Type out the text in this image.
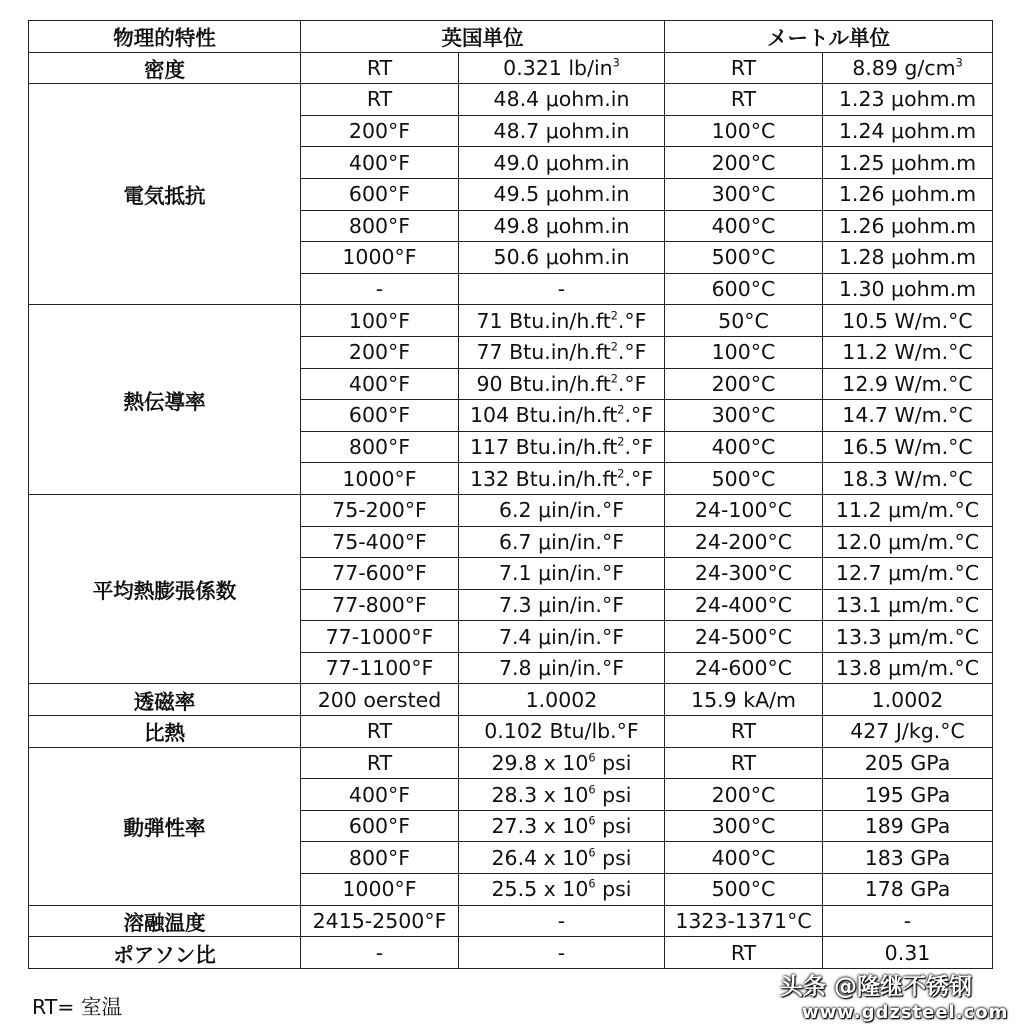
物理的特性	英国単位		メートル単位	
密度	RT	0.321 $lb/in^3$	RT	8.89 $g/cm^3$
電気抵抗	RT	48.4 μohm.in	RT	1.23 μohm.m
	200°F	48.7 μohm.in	100°C	1.24 μohm.m
	400°F	49.0 μohm.in	200°C	1.25 μohm.m
	600°F	49.5 μohm.in	300°C	1.26 μohm.m
	800°F	49.8 μohm.in	400°C	1.26 μohm.m
	1000°F	50.6 μohm.in	500°C	1.28 μohm.m
	-	-	600°C	1.30 μohm.m
熱伝導率	100°F	71 $Btu.in/h.ft^2.^\circ F$	50°C	10.5 W/m.°C
	200°F	77 $Btu.in/h.ft^2.^\circ F$	100°C	11.2 W/m.°C
	400°F	90 $Btu.in/h.ft^2.^\circ F$	200°C	12.9 W/m.°C
	600°F	104 $Btu.in/h.ft^2.^\circ F$	300°C	14.7 W/m.°C
	800°F	117 $Btu.in/h.ft^2.^\circ F$	400°C	16.5 W/m.°C
	1000°F	132 $Btu.in/h.ft^2.^\circ F$	500°C	18.3 W/m.°C
平均熱膨張係数	75-200°F	6.2 μin/in.°F	24-100°C	11.2 μm/m.°C
	75-400°F	6.7 μin/in.°F	24-200°C	12.0 μm/m.°C
	77-600°F	7.1 μin/in.°F	24-300°C	12.7 μm/m.°C
	77-800°F	7.3 μin/in.°F	24-400°C	13.1 μm/m.°C
	77-1000°F	7.4 μin/in.°F	24-500°C	13.3 μm/m.°C
	77-1100°F	7.8 μin/in.°F	24-600°C	13.8 μm/m.°C
透磁率	200 oersted	1.0002	15.9 kA/m	1.0002
比熱	RT	0.102 Btu/lb.°F	RT	427 J/kg.°C
動弾性率	RT	29.8 x $10^6$ psi	RT	205 GPa
	400°F	28.3 x $10^6$ psi	200°C	195 GPa
	600°F	27.3 x $10^6$ psi	300°C	189 GPa
	800°F	26.4 x $10^6$ psi	400°C	183 GPa
	1000°F	25.5 x $10^6$ psi	500°C	178 GPa
溶融温度	2415-2500°F	-	1323-1371°C	-
ポアソン比	-	-	RT	0.31
RT= 室温
头条 @隆继不锈钢
www.gdzsteel.com
